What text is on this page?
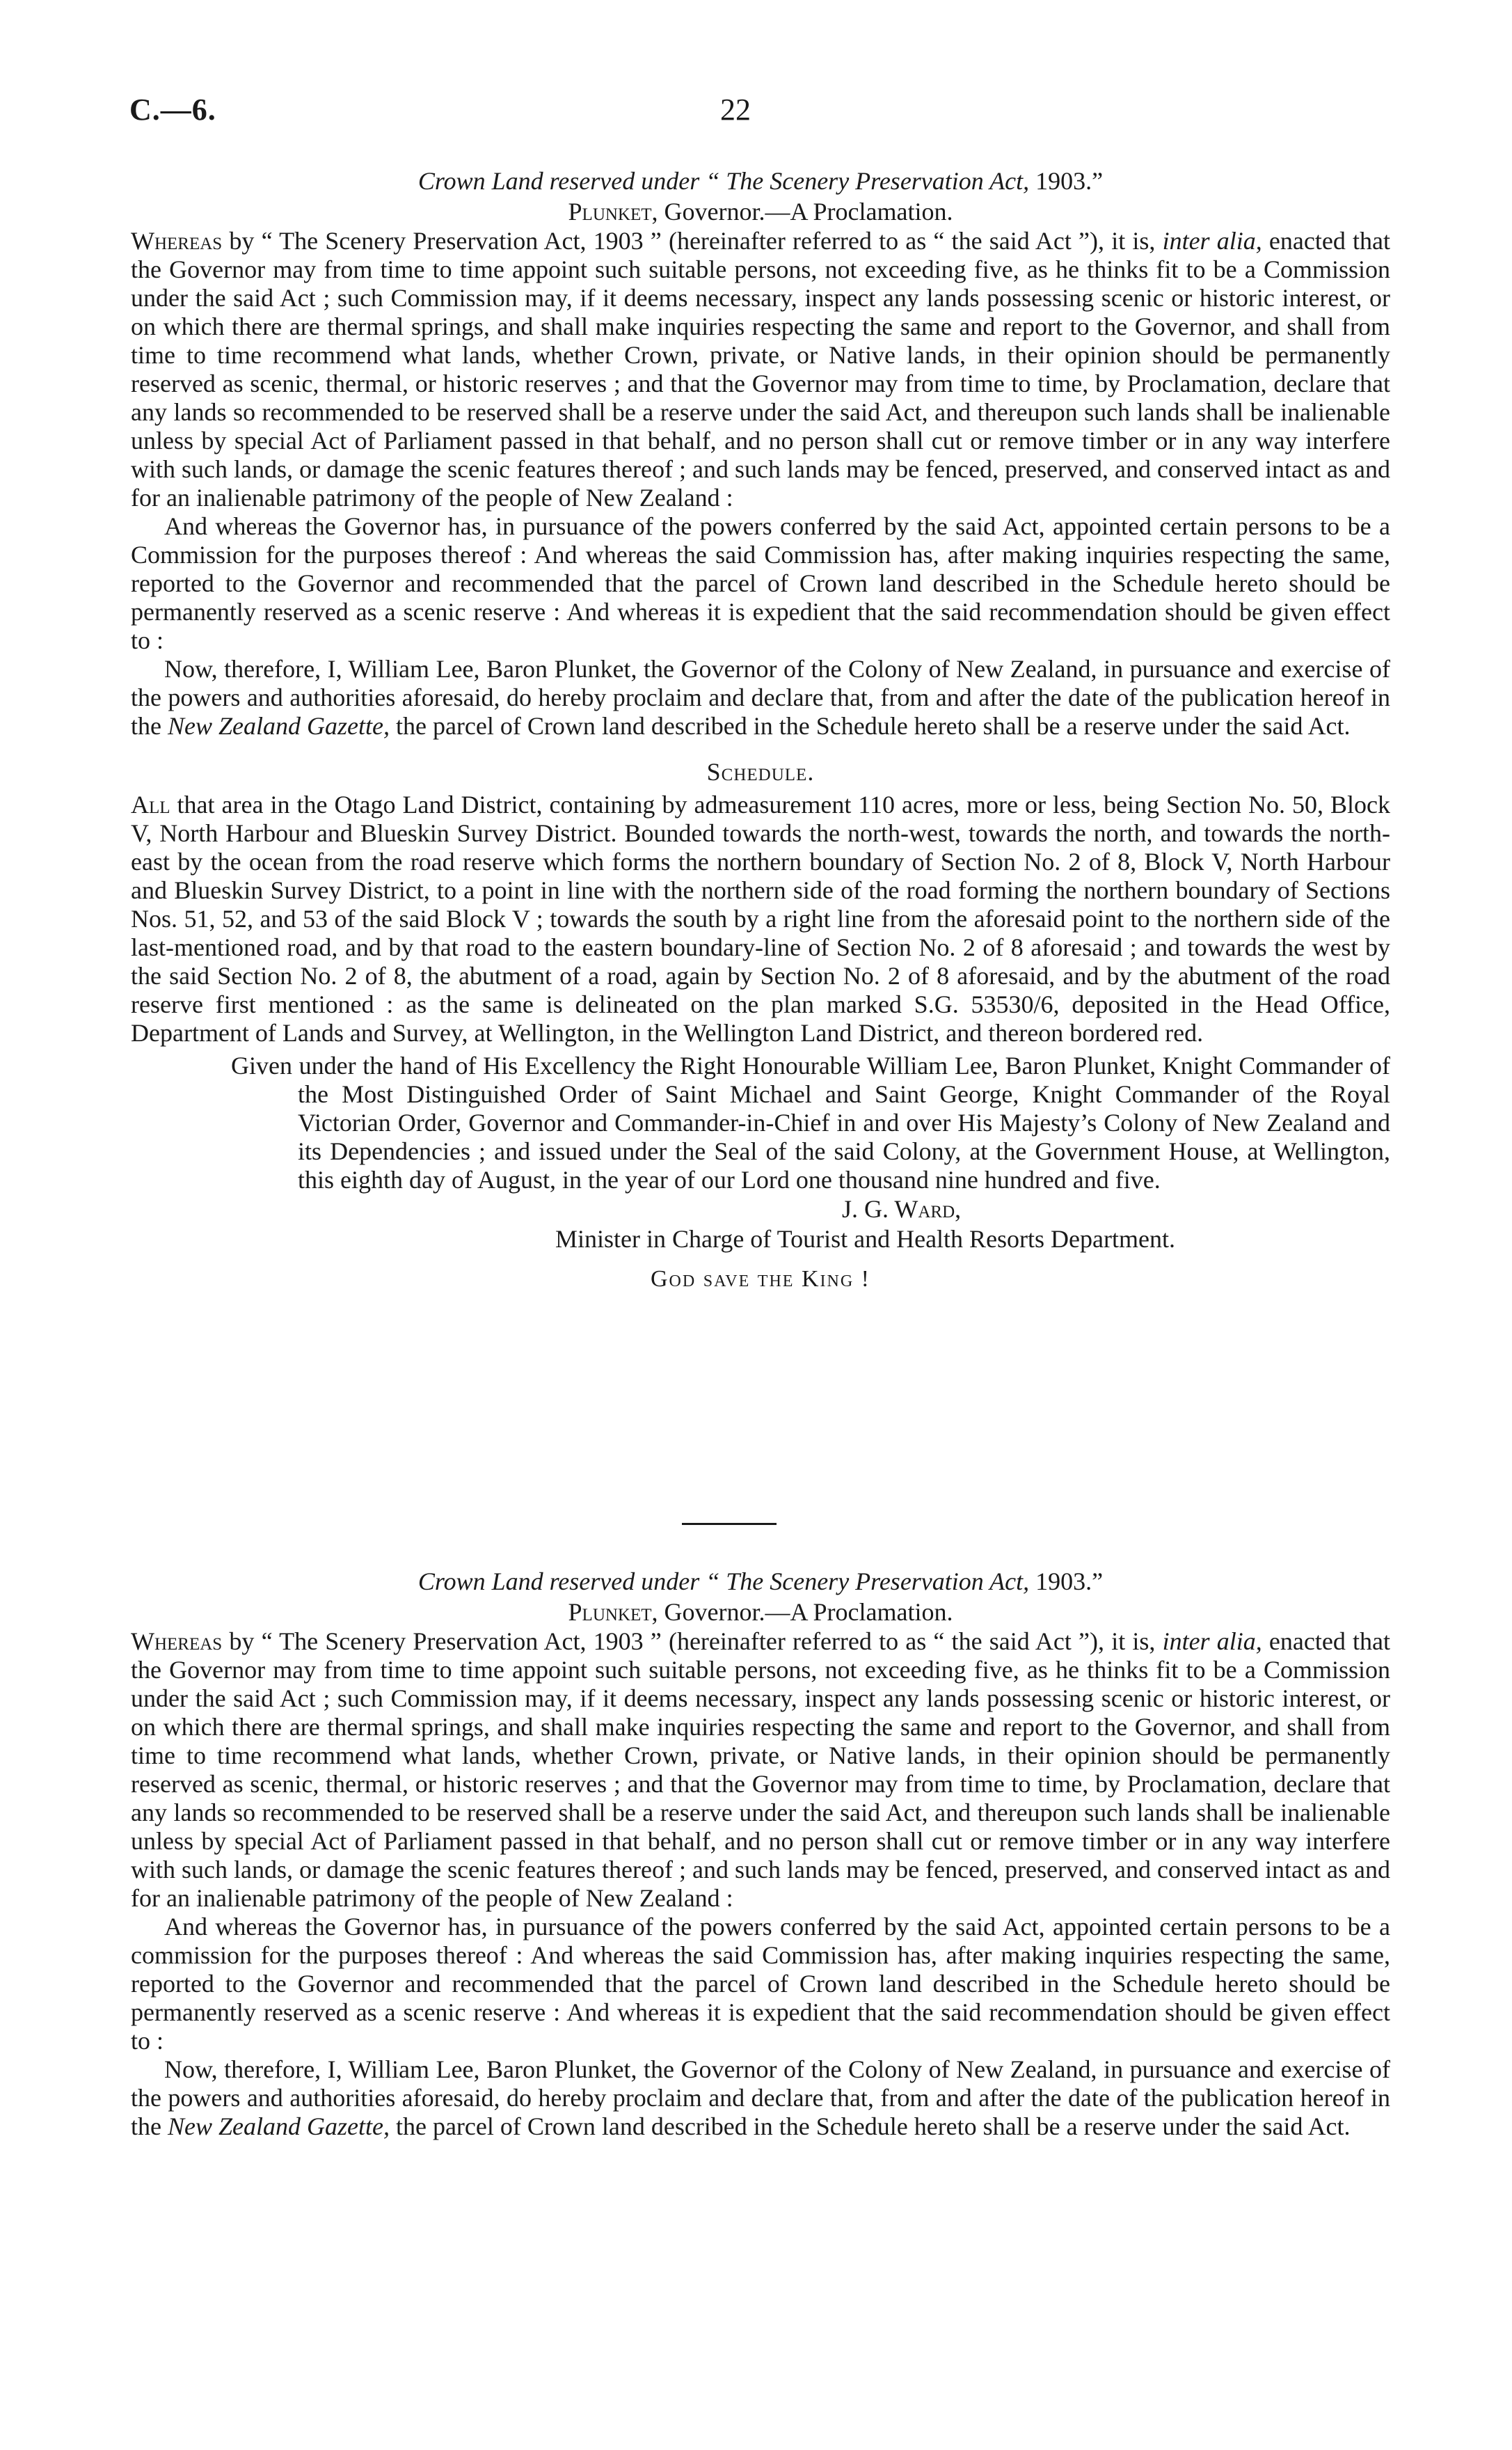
C.—6.	22

Crown Land reserved under “ The Scenery Preservation Act, 1903.”

Plunket, Governor.—A Proclamation.

Whereas by “ The Scenery Preservation Act, 1903 ” (hereinafter referred to as “ the said Act ”), it is, inter alia, enacted that the Governor may from time to time appoint such suitable persons, not exceeding five, as he thinks fit to be a Commission under the said Act ; such Commission may, if it deems necessary, inspect any lands possessing scenic or historic interest, or on which there are thermal springs, and shall make inquiries respecting the same and report to the Governor, and shall from time to time recommend what lands, whether Crown, private, or Native lands, in their opinion should be permanently reserved as scenic, thermal, or historic reserves ; and that the Governor may from time to time, by Proclamation, declare that any lands so recommended to be reserved shall be a reserve under the said Act, and thereupon such lands shall be inalienable unless by special Act of Parliament passed in that behalf, and no person shall cut or remove timber or in any way interfere with such lands, or damage the scenic features thereof ; and such lands may be fenced, preserved, and conserved intact as and for an inalienable patrimony of the people of New Zealand :

And whereas the Governor has, in pursuance of the powers conferred by the said Act, appointed certain persons to be a Commission for the purposes thereof : And whereas the said Commission has, after making inquiries respecting the same, reported to the Governor and recommended that the parcel of Crown land described in the Schedule hereto should be permanently reserved as a scenic reserve : And whereas it is expedient that the said recommendation should be given effect to :

Now, therefore, I, William Lee, Baron Plunket, the Governor of the Colony of New Zealand, in pursuance and exercise of the powers and authorities aforesaid, do hereby proclaim and declare that, from and after the date of the publication hereof in the New Zealand Gazette, the parcel of Crown land described in the Schedule hereto shall be a reserve under the said Act.

Schedule.

All that area in the Otago Land District, containing by admeasurement 110 acres, more or less, being Section No. 50, Block V, North Harbour and Blueskin Survey District. Bounded towards the north-west, towards the north, and towards the north-east by the ocean from the road reserve which forms the northern boundary of Section No. 2 of 8, Block V, North Harbour and Blueskin Survey District, to a point in line with the northern side of the road forming the northern boundary of Sections Nos. 51, 52, and 53 of the said Block V ; towards the south by a right line from the aforesaid point to the northern side of the last-mentioned road, and by that road to the eastern boundary-line of Section No. 2 of 8 aforesaid ; and towards the west by the said Section No. 2 of 8, the abutment of a road, again by Section No. 2 of 8 aforesaid, and by the abutment of the road reserve first mentioned : as the same is delineated on the plan marked S.G. 53530/6, deposited in the Head Office, Department of Lands and Survey, at Wellington, in the Wellington Land District, and thereon bordered red.

Given under the hand of His Excellency the Right Honourable William Lee, Baron Plunket, Knight Commander of the Most Distinguished Order of Saint Michael and Saint George, Knight Commander of the Royal Victorian Order, Governor and Commander-in-Chief in and over His Majesty’s Colony of New Zealand and its Dependencies ; and issued under the Seal of the said Colony, at the Government House, at Wellington, this eighth day of August, in the year of our Lord one thousand nine hundred and five.

J. G. Ward,

Minister in Charge of Tourist and Health Resorts Department.

God save the King !

Crown Land reserved under “ The Scenery Preservation Act, 1903.”

Plunket, Governor.—A Proclamation.

Whereas by “ The Scenery Preservation Act, 1903 ” (hereinafter referred to as “ the said Act ”), it is, inter alia, enacted that the Governor may from time to time appoint such suitable persons, not exceeding five, as he thinks fit to be a Commission under the said Act ; such Commission may, if it deems necessary, inspect any lands possessing scenic or historic interest, or on which there are thermal springs, and shall make inquiries respecting the same and report to the Governor, and shall from time to time recommend what lands, whether Crown, private, or Native lands, in their opinion should be permanently reserved as scenic, thermal, or historic reserves ; and that the Governor may from time to time, by Proclamation, declare that any lands so recommended to be reserved shall be a reserve under the said Act, and thereupon such lands shall be inalienable unless by special Act of Parliament passed in that behalf, and no person shall cut or remove timber or in any way interfere with such lands, or damage the scenic features thereof ; and such lands may be fenced, preserved, and conserved intact as and for an inalienable patrimony of the people of New Zealand :

And whereas the Governor has, in pursuance of the powers conferred by the said Act, appointed certain persons to be a commission for the purposes thereof : And whereas the said Commission has, after making inquiries respecting the same, reported to the Governor and recommended that the parcel of Crown land described in the Schedule hereto should be permanently reserved as a scenic reserve : And whereas it is expedient that the said recommendation should be given effect to :

Now, therefore, I, William Lee, Baron Plunket, the Governor of the Colony of New Zealand, in pursuance and exercise of the powers and authorities aforesaid, do hereby proclaim and declare that, from and after the date of the publication hereof in the New Zealand Gazette, the parcel of Crown land described in the Schedule hereto shall be a reserve under the said Act.
